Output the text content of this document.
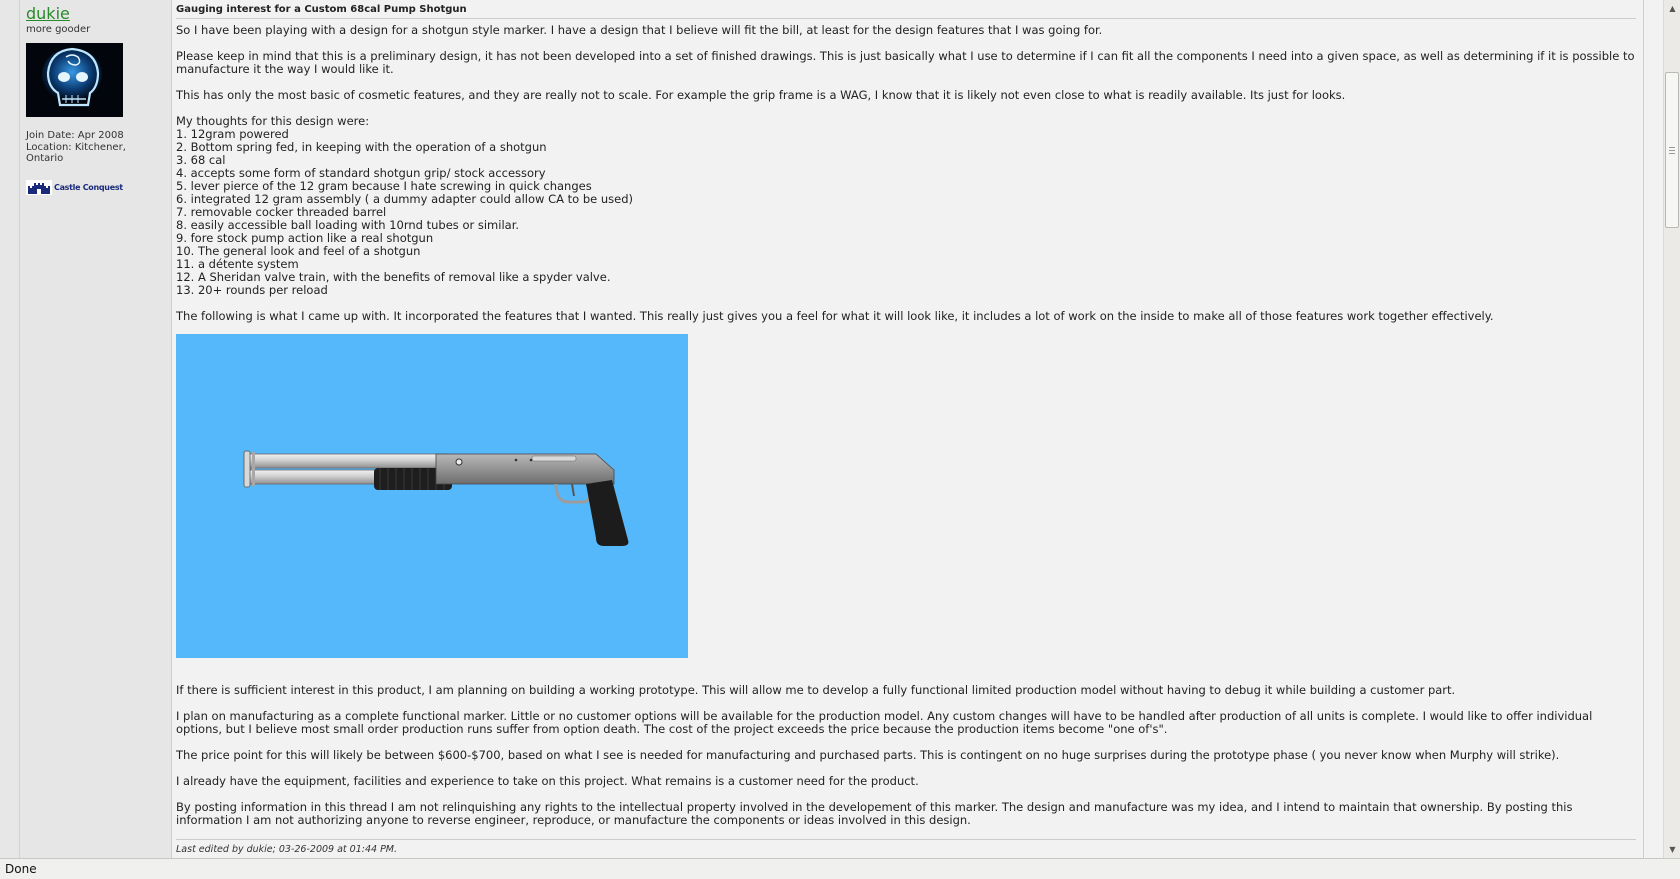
dukie
more gooder
Join Date: Apr 2008
Location: Kitchener,
Ontario
Castle Conquest
Gauging interest for a Custom 68cal Pump Shotgun

So I have been playing with a design for a shotgun style marker. I have a design that I believe will fit the bill, at least for the design features that I was going for.

Please keep in mind that this is a preliminary design, it has not been developed into a set of finished drawings. This is just basically what I use to determine if I can fit all the components I need into a given space, as well as determining if it is possible to manufacture it the way I would like it.

This has only the most basic of cosmetic features, and they are really not to scale. For example the grip frame is a WAG, I know that it is likely not even close to what is readily available. Its just for looks.

My thoughts for this design were:
1. 12gram powered
2. Bottom spring fed, in keeping with the operation of a shotgun
3. 68 cal
4. accepts some form of standard shotgun grip/ stock accessory
5. lever pierce of the 12 gram because I hate screwing in quick changes
6. integrated 12 gram assembly ( a dummy adapter could allow CA to be used)
7. removable cocker threaded barrel
8. easily accessible ball loading with 10rnd tubes or similar.
9. fore stock pump action like a real shotgun
10. The general look and feel of a shotgun
11. a détente system
12. A Sheridan valve train, with the benefits of removal like a spyder valve.
13. 20+ rounds per reload

The following is what I came up with. It incorporated the features that I wanted. This really just gives you a feel for what it will look like, it includes a lot of work on the inside to make all of those features work together effectively.

If there is sufficient interest in this product, I am planning on building a working prototype. This will allow me to develop a fully functional limited production model without having to debug it while building a customer part.

I plan on manufacturing as a complete functional marker. Little or no customer options will be available for the production model. Any custom changes will have to be handled after production of all units is complete. I would like to offer individual options, but I believe most small order production runs suffer from option death. The cost of the project exceeds the price because the production items become "one of's".

The price point for this will likely be between $600-$700, based on what I see is needed for manufacturing and purchased parts. This is contingent on no huge surprises during the prototype phase ( you never know when Murphy will strike).

I already have the equipment, facilities and experience to take on this project. What remains is a customer need for the product.

By posting information in this thread I am not relinquishing any rights to the intellectual property involved in the developement of this marker. The design and manufacture was my idea, and I intend to maintain that ownership. By posting this information I am not authorizing anyone to reverse engineer, reproduce, or manufacture the components or ideas involved in this design.

Last edited by dukie; 03-26-2009 at 01:44 PM.
▲
▼
Done
